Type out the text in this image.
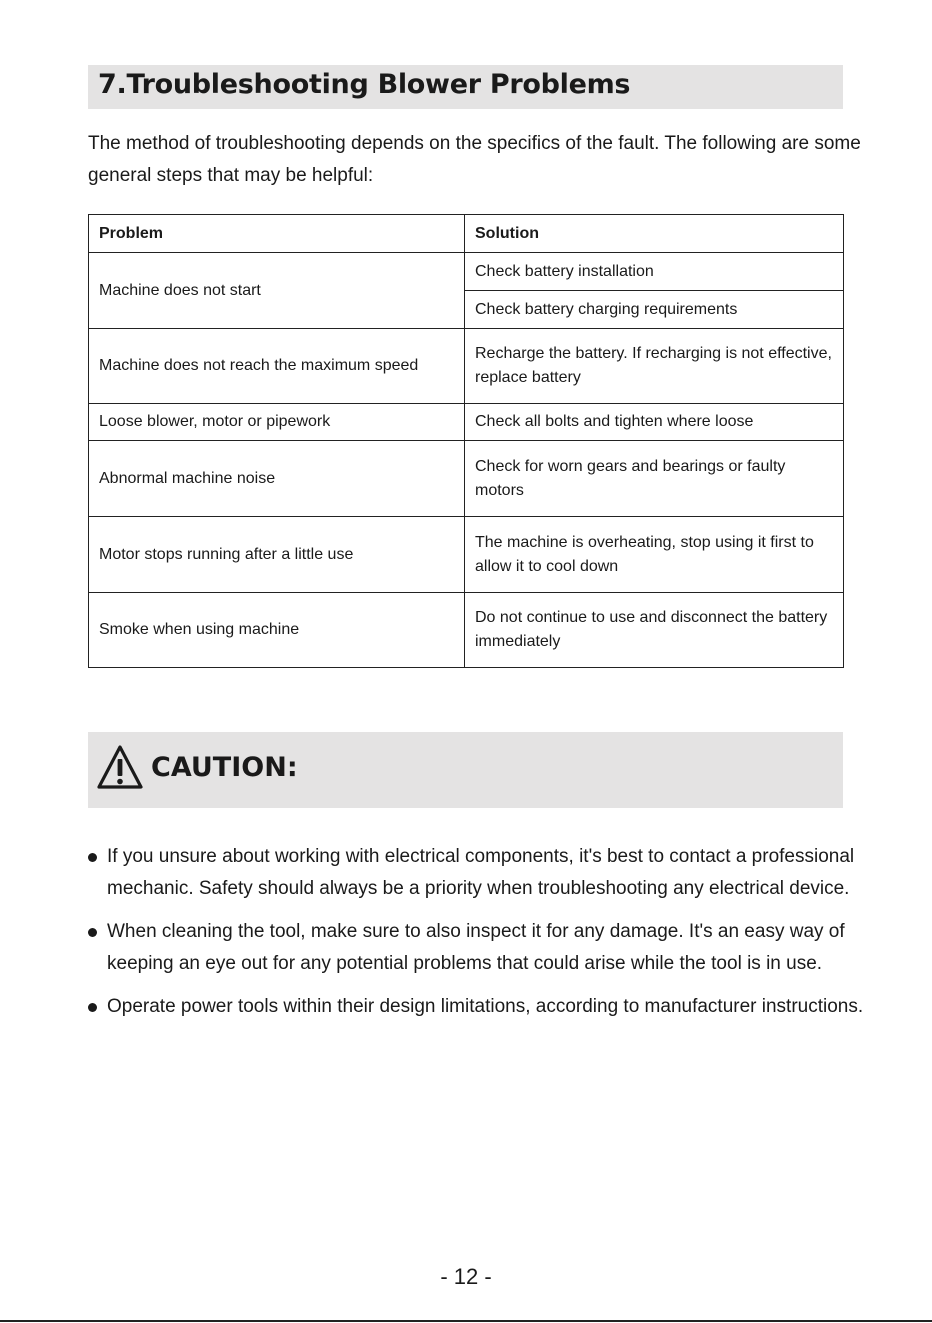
7.Troubleshooting Blower Problems

The method of troubleshooting depends on the specifics of the fault. The following are some general steps that may be helpful:

Problem	Solution
Machine does not start	Check battery installation
	Check battery charging requirements
Machine does not reach the maximum speed	Recharge the battery. If recharging is not effective, replace battery
Loose blower, motor or pipework	Check all bolts and tighten where loose
Abnormal machine noise	Check for worn gears and bearings or faulty motors
Motor stops running after a little use	The machine is overheating, stop using it first to allow it to cool down
Smoke when using machine	Do not continue to use and disconnect the battery immediately
CAUTION:
If you unsure about working with electrical components, it's best to contact a professional mechanic. Safety should always be a priority when troubleshooting any electrical device.
When cleaning the tool, make sure to also inspect it for any damage. It's an easy way of keeping an eye out for any potential problems that could arise while the tool is in use.
Operate power tools within their design limitations, according to manufacturer instructions.
- 12 -
